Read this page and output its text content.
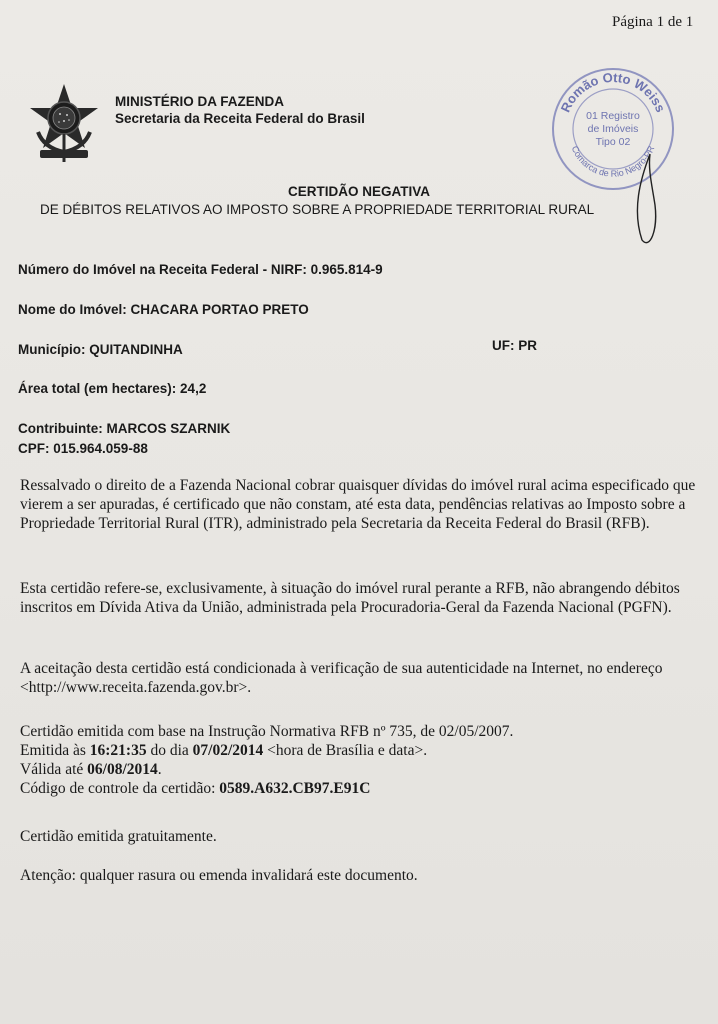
Página 1 de 1
MINISTÉRIO DA FAZENDA
Secretaria da Receita Federal do Brasil
Romão Otto Weiss
Comarca de Rio Negro-PR
01 Registro
de Imóveis
Tipo 02
CERTIDÃO NEGATIVA
DE DÉBITOS RELATIVOS AO IMPOSTO SOBRE A PROPRIEDADE TERRITORIAL RURAL
Número do Imóvel na Receita Federal - NIRF: 0.965.814-9
Nome do Imóvel: CHACARA PORTAO PRETO
Município: QUITANDINHA	UF: PR
Área total (em hectares): 24,2
Contribuinte: MARCOS SZARNIK
CPF: 015.964.059-88
Ressalvado o direito de a Fazenda Nacional cobrar quaisquer dívidas do imóvel rural acima especificado que vierem a ser apuradas, é certificado que não constam, até esta data, pendências relativas ao Imposto sobre a Propriedade Territorial Rural (ITR), administrado pela Secretaria da Receita Federal do Brasil (RFB).
Esta certidão refere-se, exclusivamente, à situação do imóvel rural perante a RFB, não abrangendo débitos inscritos em Dívida Ativa da União, administrada pela Procuradoria-Geral da Fazenda Nacional (PGFN).
A aceitação desta certidão está condicionada à verificação de sua autenticidade na Internet, no endereço <http://www.receita.fazenda.gov.br>.
Certidão emitida com base na Instrução Normativa RFB nº 735, de 02/05/2007.
Emitida às 16:21:35 do dia 07/02/2014 <hora de Brasília e data>.
Válida até 06/08/2014.
Código de controle da certidão: 0589.A632.CB97.E91C
Certidão emitida gratuitamente.
Atenção: qualquer rasura ou emenda invalidará este documento.
